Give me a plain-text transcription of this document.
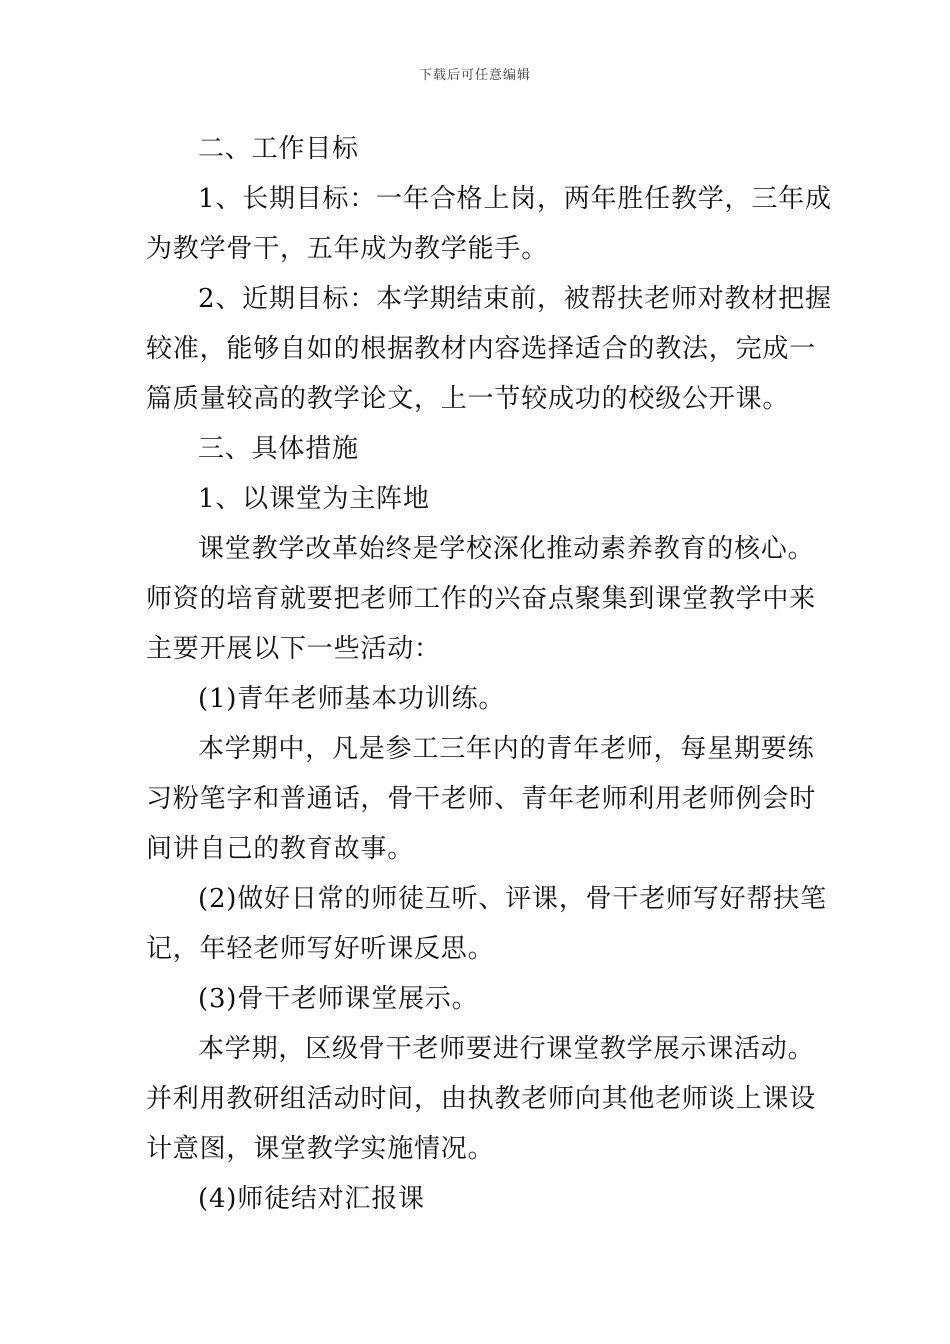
下载后可任意编辑
二、工作目标
1、长期目标：一年合格上岗，两年胜任教学，三年成
为教学骨干，五年成为教学能手。
2、近期目标：本学期结束前，被帮扶老师对教材把握
较准，能够自如的根据教材内容选择适合的教法，完成一
篇质量较高的教学论文，上一节较成功的校级公开课。
三、具体措施
1、以课堂为主阵地
课堂教学改革始终是学校深化推动素养教育的核心。
师资的培育就要把老师工作的兴奋点聚集到课堂教学中来
主要开展以下一些活动：
(1)青年老师基本功训练。
本学期中，凡是参工三年内的青年老师，每星期要练
习粉笔字和普通话，骨干老师、青年老师利用老师例会时
间讲自己的教育故事。
(2)做好日常的师徒互听、评课，骨干老师写好帮扶笔
记，年轻老师写好听课反思。
(3)骨干老师课堂展示。
本学期，区级骨干老师要进行课堂教学展示课活动。
并利用教研组活动时间，由执教老师向其他老师谈上课设
计意图，课堂教学实施情况。
(4)师徒结对汇报课
